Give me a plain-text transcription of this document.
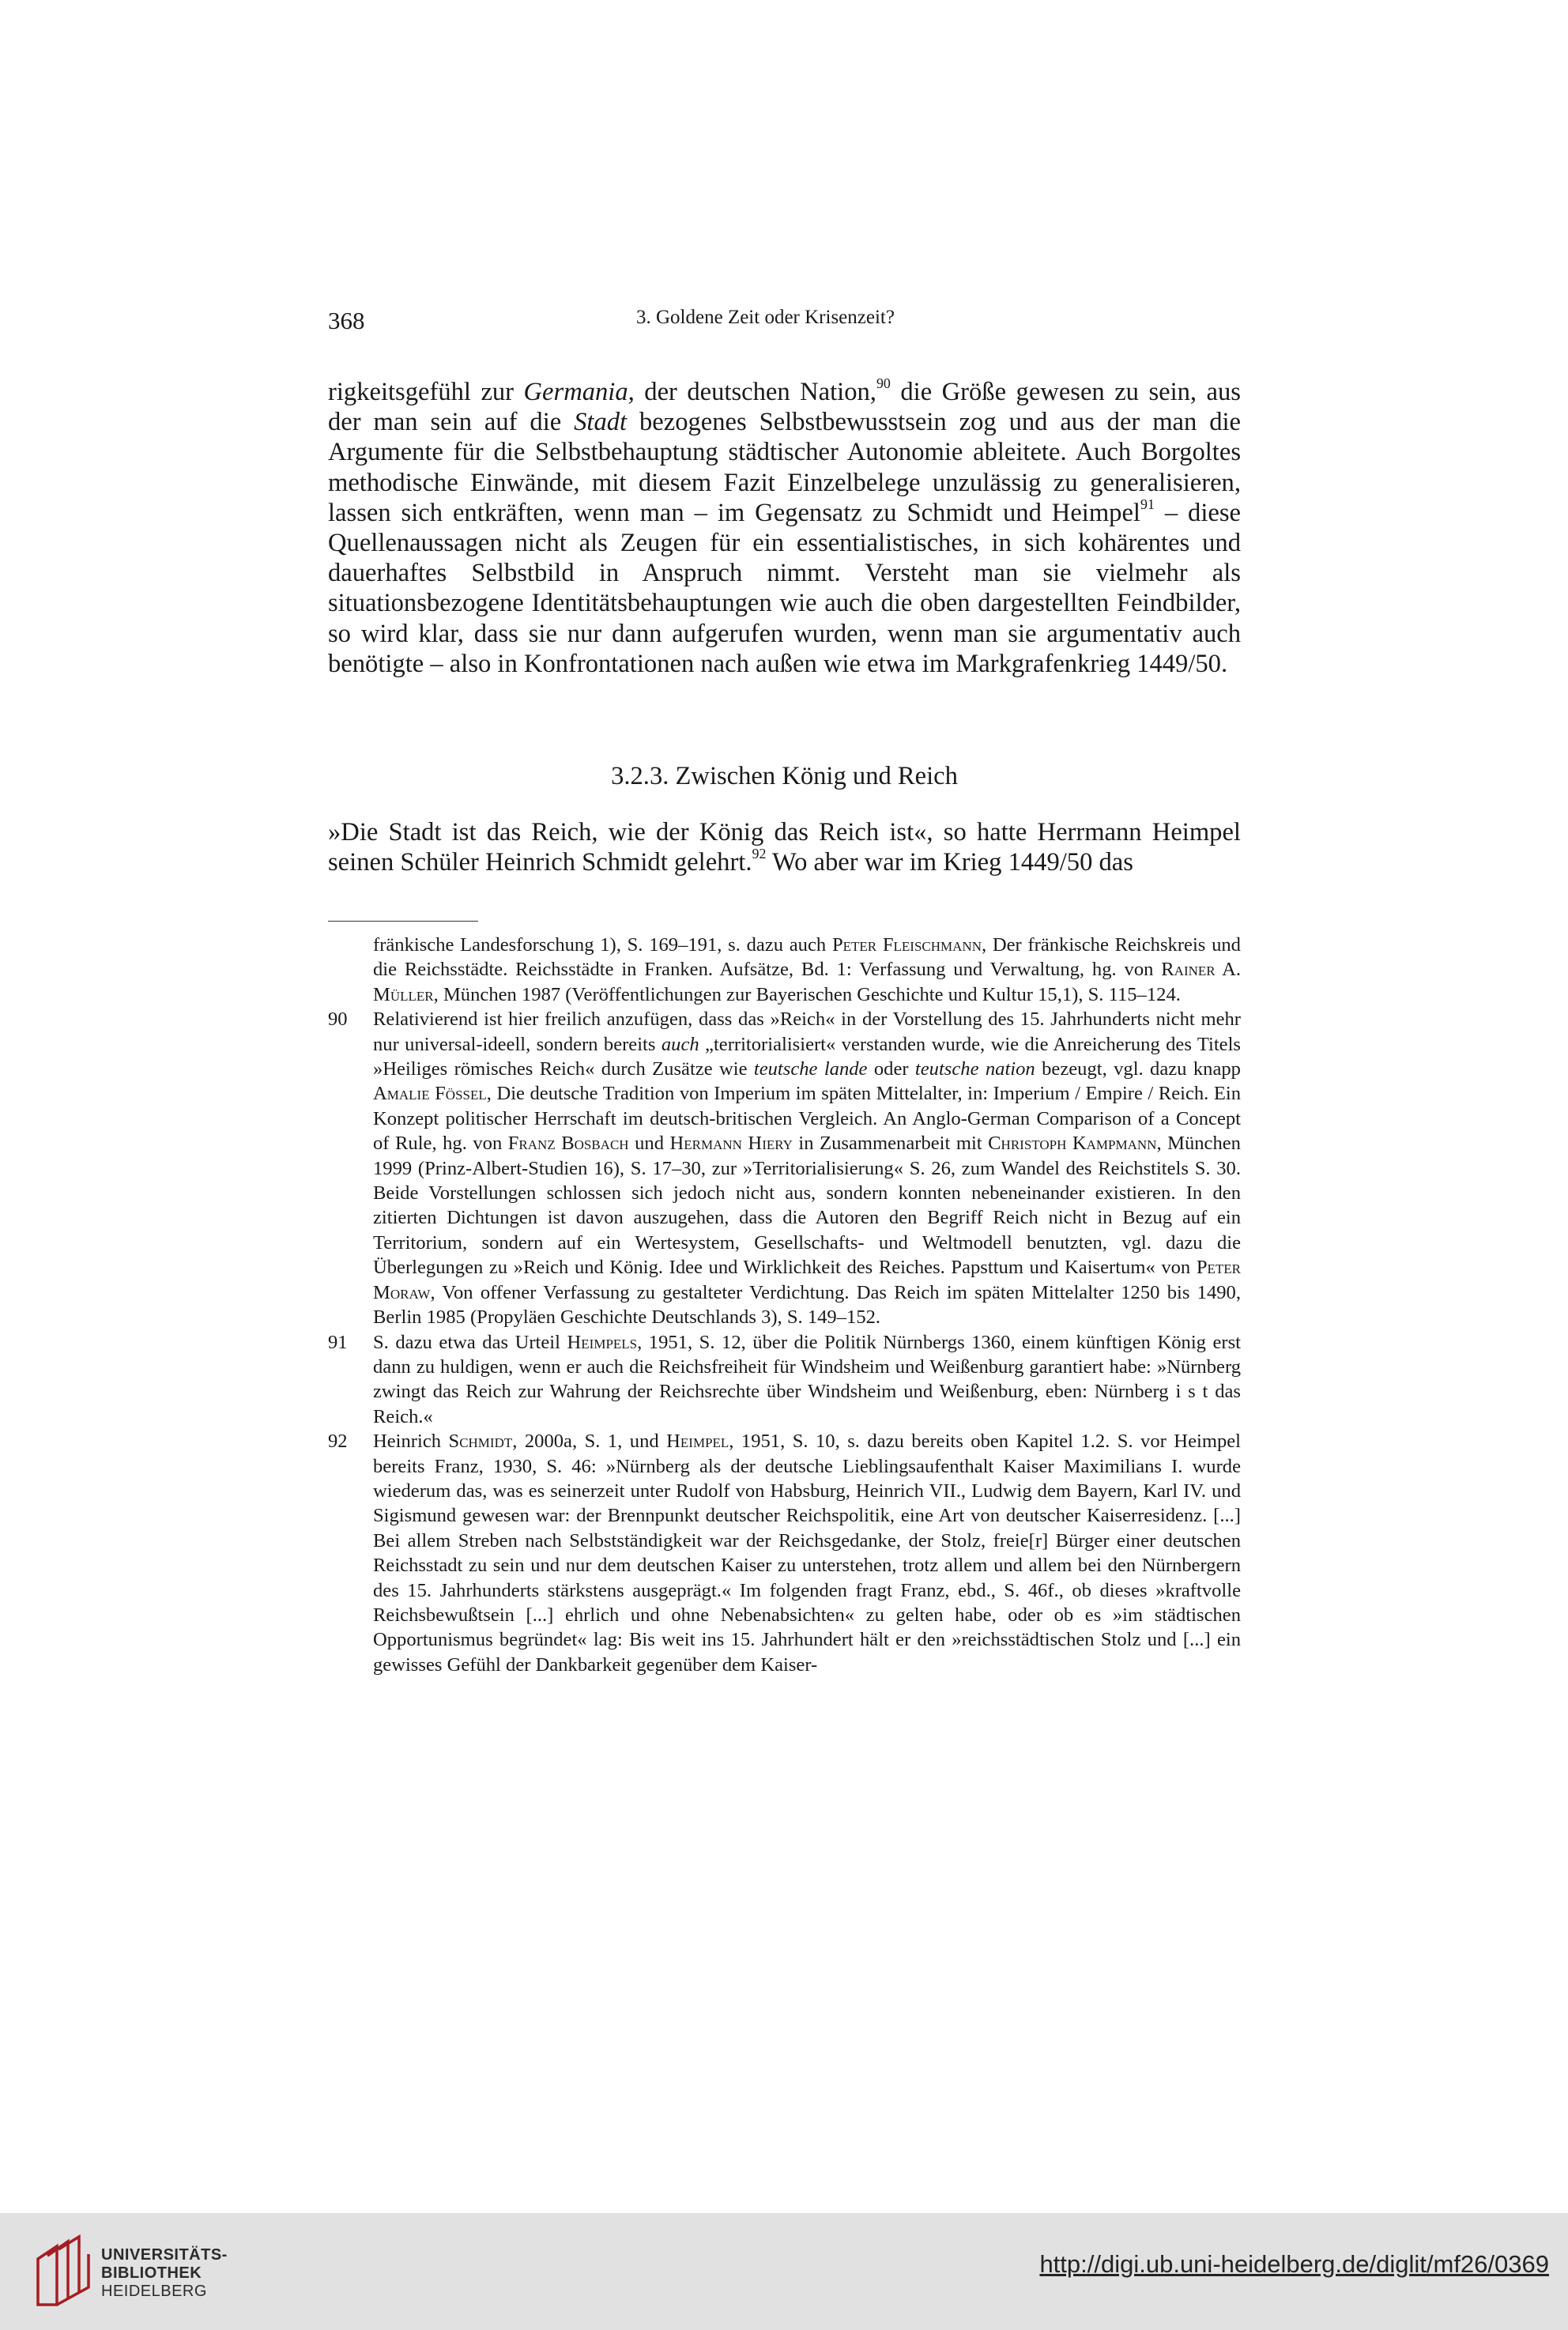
368	3. Goldene Zeit oder Krisenzeit?

rigkeitsgefühl zur Germania, der deutschen Nation,$^{90}$ die Größe gewesen zu sein, aus der man sein auf die Stadt bezogenes Selbstbewusstsein zog und aus der man die Argumente für die Selbstbehauptung städtischer Autonomie ableitete. Auch Borgoltes methodische Einwände, mit diesem Fazit Einzelbelege unzulässig zu generalisieren, lassen sich entkräften, wenn man – im Gegensatz zu Schmidt und Heimpel$^{91}$ – diese Quellenaussagen nicht als Zeugen für ein essentialistisches, in sich kohärentes und dauerhaftes Selbstbild in Anspruch nimmt. Versteht man sie vielmehr als situationsbezogene Identitätsbehauptungen wie auch die oben dargestellten Feindbilder, so wird klar, dass sie nur dann aufgerufen wurden, wenn man sie argumentativ auch benötigte – also in Konfrontationen nach außen wie etwa im Markgrafenkrieg 1449/50.

3.2.3. Zwischen König und Reich

»Die Stadt ist das Reich, wie der König das Reich ist«, so hatte Herrmann Heimpel seinen Schüler Heinrich Schmidt gelehrt.$^{92}$ Wo aber war im Krieg 1449/50 das

fränkische Landesforschung 1), S. 169–191, s. dazu auch Peter Fleischmann, Der fränkische Reichskreis und die Reichsstädte. Reichsstädte in Franken. Aufsätze, Bd. 1: Verfassung und Verwaltung, hg. von Rainer A. Müller, München 1987 (Veröffentlichungen zur Bayerischen Geschichte und Kultur 15,1), S. 115–124.
90	Relativierend ist hier freilich anzufügen, dass das »Reich« in der Vorstellung des 15. Jahrhunderts nicht mehr nur universal-ideell, sondern bereits auch „territorialisiert« verstanden wurde, wie die Anreicherung des Titels »Heiliges römisches Reich« durch Zusätze wie teutsche lande oder teutsche nation bezeugt, vgl. dazu knapp Amalie Fössel, Die deutsche Tradition von Imperium im späten Mittelalter, in: Imperium / Empire / Reich. Ein Konzept politischer Herrschaft im deutsch-britischen Vergleich. An Anglo-German Comparison of a Concept of Rule, hg. von Franz Bosbach und Hermann Hiery in Zusammenarbeit mit Christoph Kampmann, München 1999 (Prinz-Albert-Studien 16), S. 17–30, zur »Territorialisierung« S. 26, zum Wandel des Reichstitels S. 30. Beide Vorstellungen schlossen sich jedoch nicht aus, sondern konnten nebeneinander existieren. In den zitierten Dichtungen ist davon auszugehen, dass die Autoren den Begriff Reich nicht in Bezug auf ein Territorium, sondern auf ein Wertesystem, Gesellschafts- und Weltmodell benutzten, vgl. dazu die Überlegungen zu »Reich und König. Idee und Wirklichkeit des Reiches. Papsttum und Kaisertum« von Peter Moraw, Von offener Verfassung zu gestalteter Verdichtung. Das Reich im späten Mittelalter 1250 bis 1490, Berlin 1985 (Propyläen Geschichte Deutschlands 3), S. 149–152.
91	S. dazu etwa das Urteil Heimpels, 1951, S. 12, über die Politik Nürnbergs 1360, einem künftigen König erst dann zu huldigen, wenn er auch die Reichsfreiheit für Windsheim und Weißenburg garantiert habe: »Nürnberg zwingt das Reich zur Wahrung der Reichsrechte über Windsheim und Weißenburg, eben: Nürnberg i s t das Reich.«
92	Heinrich Schmidt, 2000a, S. 1, und Heimpel, 1951, S. 10, s. dazu bereits oben Kapitel 1.2. S. vor Heimpel bereits Franz, 1930, S. 46: »Nürnberg als der deutsche Lieblingsaufenthalt Kaiser Maximilians I. wurde wiederum das, was es seinerzeit unter Rudolf von Habsburg, Heinrich VII., Ludwig dem Bayern, Karl IV. und Sigismund gewesen war: der Brennpunkt deutscher Reichspolitik, eine Art von deutscher Kaiserresidenz. [...] Bei allem Streben nach Selbstständigkeit war der Reichsgedanke, der Stolz, freie[r] Bürger einer deutschen Reichsstadt zu sein und nur dem deutschen Kaiser zu unterstehen, trotz allem und allem bei den Nürnbergern des 15. Jahrhunderts stärkstens ausgeprägt.« Im folgenden fragt Franz, ebd., S. 46f., ob dieses »kraftvolle Reichsbewußtsein [...] ehrlich und ohne Nebenabsichten« zu gelten habe, oder ob es »im städtischen Opportunismus begründet« lag: Bis weit ins 15. Jahrhundert hält er den »reichsstädtischen Stolz und [...] ein gewisses Gefühl der Dankbarkeit gegenüber dem Kaiser-
UNIVERSITÄTS-
BIBLIOTHEK
HEIDELBERG
http://digi.ub.uni-heidelberg.de/diglit/mf26/0369
